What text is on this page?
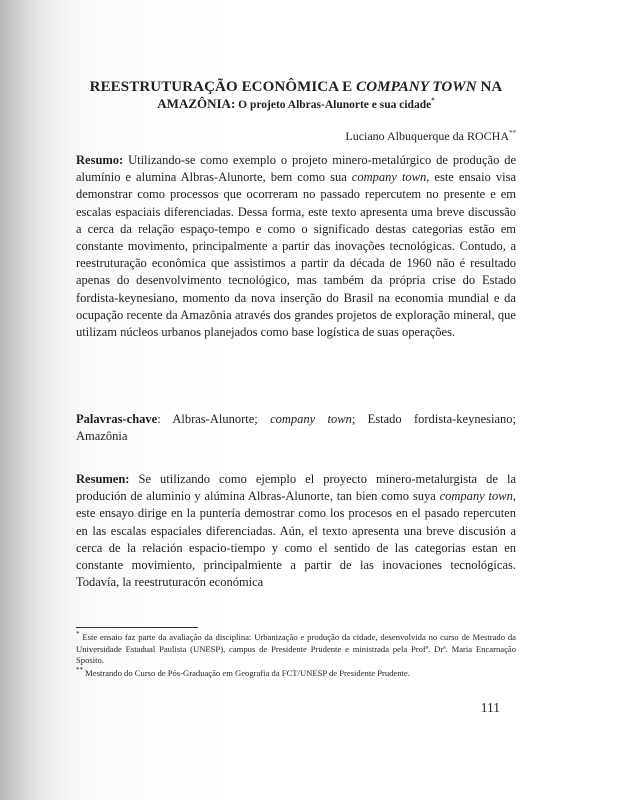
REESTRUTURAÇÃO ECONÔMICA E COMPANY TOWN NA
AMAZÔNIA: O projeto Albras-Alunorte e sua cidade*
Luciano Albuquerque da ROCHA**
Resumo: Utilizando-se como exemplo o projeto minero-metalúrgico de produção de alumínio e alumina Albras-Alunorte, bem como sua company town, este ensaio visa demonstrar como processos que ocorreram no passado repercutem no presente e em escalas espaciais diferenciadas. Dessa forma, este texto apresenta uma breve discussão a cerca da relação espaço-tempo e como o significado destas categorias estão em constante movimento, principalmente a partir das inovações tecnológicas. Contudo, a reestruturação econômica que assistimos a partir da década de 1960 não é resultado apenas do desenvolvimento tecnológico, mas também da própria crise do Estado fordista-keynesiano, momento da nova inserção do Brasil na economia mundial e da ocupação recente da Amazônia através dos grandes projetos de exploração mineral, que utilizam núcleos urbanos planejados como base logística de suas operações.
Palavras-chave: Albras-Alunorte; company town; Estado fordista-keynesiano; Amazônia
Resumen: Se utilizando como ejemplo el proyecto minero-metalurgista de la produción de aluminio y alúmina Albras-Alunorte, tan bien como suya company town, este ensayo dirige en la puntería demostrar como los procesos en el pasado repercuten en las escalas espaciales diferenciadas. Aún, el texto apresenta una breve discusión a cerca de la relación espacio-tiempo y como el sentido de las categorias estan en constante movimiento, principalmiente a partir de las inovaciones tecnológicas. Todavía, la reestruturacón económica
* Este ensaio faz parte da avaliação da disciplina: Urbanização e produção da cidade, desenvolvida no curso de Mestrado da Universidade Estadual Paulista (UNESP), campus de Presidente Prudente e ministrada pela Profª. Drª. Maria Encarnação Sposito.
** Mestrando do Curso de Pós-Graduação em Geografia da FCT/UNESP de Presidente Prudente.
111
